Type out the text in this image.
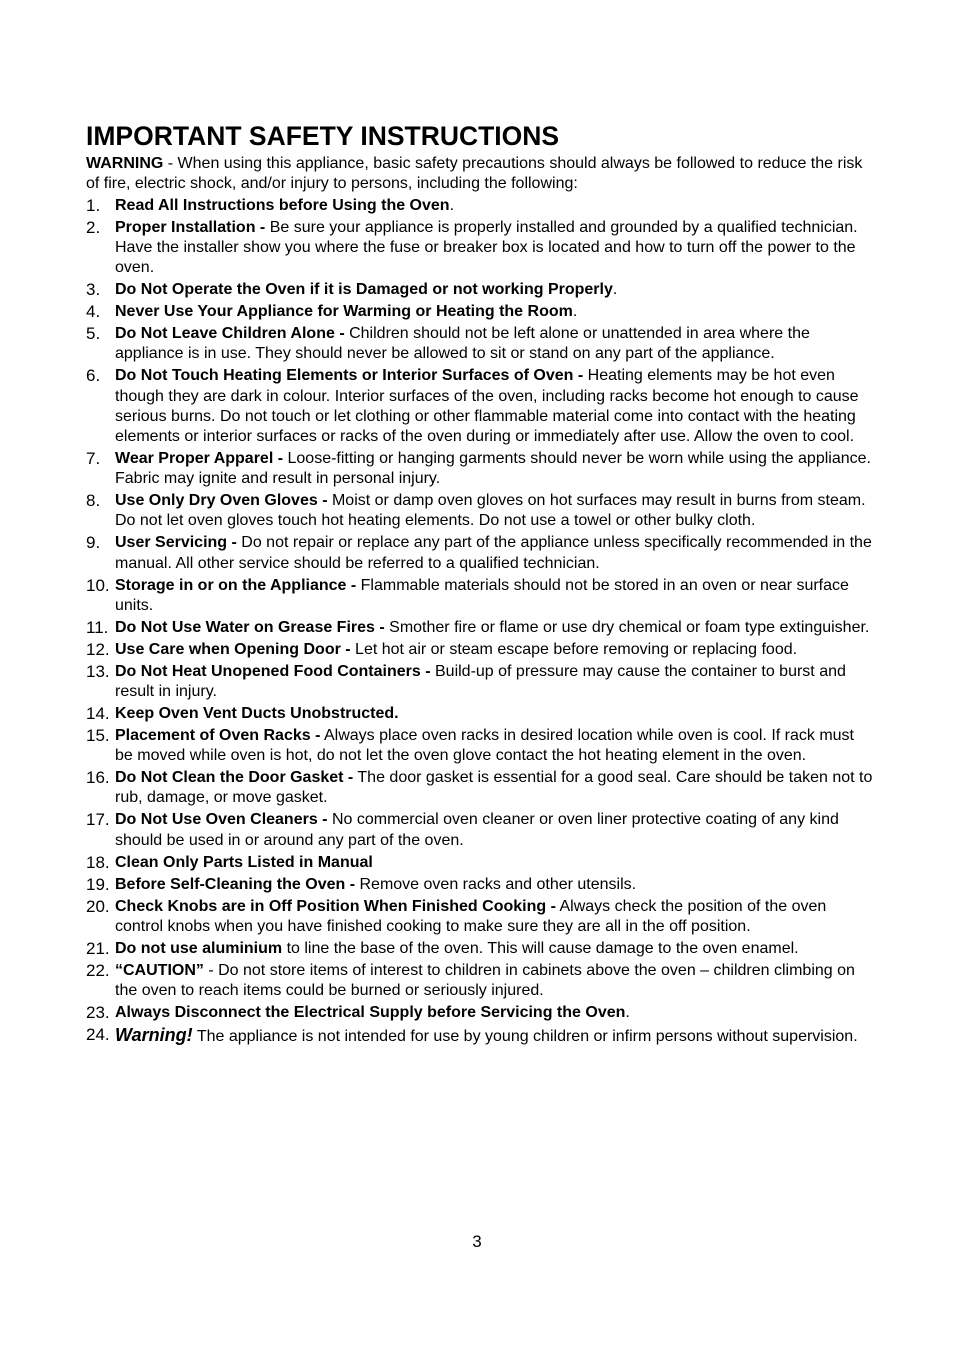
IMPORTANT SAFETY INSTRUCTIONS

WARNING - When using this appliance, basic safety precautions should always be followed to reduce the risk of fire, electric shock, and/or injury to persons, including the following:

1. Read All Instructions before Using the Oven.
2. Proper Installation - Be sure your appliance is properly installed and grounded by a qualified technician. Have the installer show you where the fuse or breaker box is located and how to turn off the power to the oven.
3. Do Not Operate the Oven if it is Damaged or not working Properly.
4. Never Use Your Appliance for Warming or Heating the Room.
5. Do Not Leave Children Alone - Children should not be left alone or unattended in area where the appliance is in use. They should never be allowed to sit or stand on any part of the appliance.
6. Do Not Touch Heating Elements or Interior Surfaces of Oven - Heating elements may be hot even though they are dark in colour. Interior surfaces of the oven, including racks become hot enough to cause serious burns. Do not touch or let clothing or other flammable material come into contact with the heating elements or interior surfaces or racks of the oven during or immediately after use. Allow the oven to cool.
7. Wear Proper Apparel - Loose-fitting or hanging garments should never be worn while using the appliance. Fabric may ignite and result in personal injury.
8. Use Only Dry Oven Gloves - Moist or damp oven gloves on hot surfaces may result in burns from steam. Do not let oven gloves touch hot heating elements. Do not use a towel or other bulky cloth.
9. User Servicing - Do not repair or replace any part of the appliance unless specifically recommended in the manual. All other service should be referred to a qualified technician.
10. Storage in or on the Appliance - Flammable materials should not be stored in an oven or near surface units.
11. Do Not Use Water on Grease Fires - Smother fire or flame or use dry chemical or foam type extinguisher.
12. Use Care when Opening Door - Let hot air or steam escape before removing or replacing food.
13. Do Not Heat Unopened Food Containers - Build-up of pressure may cause the container to burst and result in injury.
14. Keep Oven Vent Ducts Unobstructed.
15. Placement of Oven Racks - Always place oven racks in desired location while oven is cool. If rack must be moved while oven is hot, do not let the oven glove contact the hot heating element in the oven.
16. Do Not Clean the Door Gasket - The door gasket is essential for a good seal. Care should be taken not to rub, damage, or move gasket.
17. Do Not Use Oven Cleaners - No commercial oven cleaner or oven liner protective coating of any kind should be used in or around any part of the oven.
18. Clean Only Parts Listed in Manual
19. Before Self-Cleaning the Oven - Remove oven racks and other utensils.
20. Check Knobs are in Off Position When Finished Cooking - Always check the position of the oven control knobs when you have finished cooking to make sure they are all in the off position.
21. Do not use aluminium to line the base of the oven. This will cause damage to the oven enamel.
22. “CAUTION” - Do not store items of interest to children in cabinets above the oven – children climbing on the oven to reach items could be burned or seriously injured.
23. Always Disconnect the Electrical Supply before Servicing the Oven.
24. Warning! The appliance is not intended for use by young children or infirm persons without supervision.
3
